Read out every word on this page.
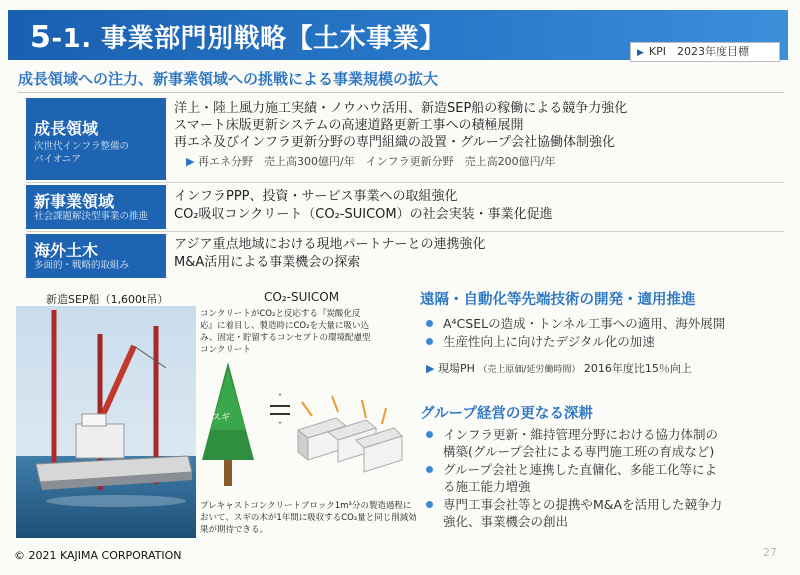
5-1. 事業部門別戦略【土木事業】	▶ KPI　2023年度目標
成長領域への注力、新事業領域への挑戦による事業規模の拡大
成長領域
次世代インフラ整備の
パイオニア
洋上・陸上風力施工実績・ノウハウ活用、新造SEP船の稼働による競争力強化
スマート床版更新システムの高速道路更新工事への積極展開
再エネ及びインフラ更新分野の専門組織の設置・グループ会社協働体制強化
▶ 再エネ分野　売上高300億円/年　インフラ更新分野　売上高200億円/年
新事業領域
社会課題解決型事業の推進
インフラPPP、投資・サービス事業への取組強化
CO₂吸収コンクリート（CO₂-SUICOM）の社会実装・事業化促進
海外土木
多面的・戦略的取組み
アジア重点地域における現地パートナーとの連携強化
M&A活用による事業機会の探索
新造SEP船（1,600t吊）	CO₂-SUICOM
コンクリートがCO₂と反応する『炭酸化反
応』に着目し、製造時にCO₂を大量に吸い込
み、固定・貯留するコンセプトの環境配慮型
コンクリート
・
・
スギ
プレキャストコンクリートブロック1m³分の製造過程に
おいて、スギの木が1年間に吸収するCO₂量と同じ削減効
果が期待できる。
遠隔・自動化等先端技術の開発・適用推進
A⁴CSELの造成・トンネル工事への適用、海外展開
生産性向上に向けたデジタル化の加速
▶ 現場PH （売上原価/延労働時間） 2016年度比15％向上
グループ経営の更なる深耕
インフラ更新・維持管理分野における協力体制の
構築(グループ会社による専門施工班の育成など)
グループ会社と連携した直傭化、多能工化等によ
る施工能力増強
専門工事会社等との提携やM&Aを活用した競争力
強化、事業機会の創出
© 2021 KAJIMA CORPORATION	27
